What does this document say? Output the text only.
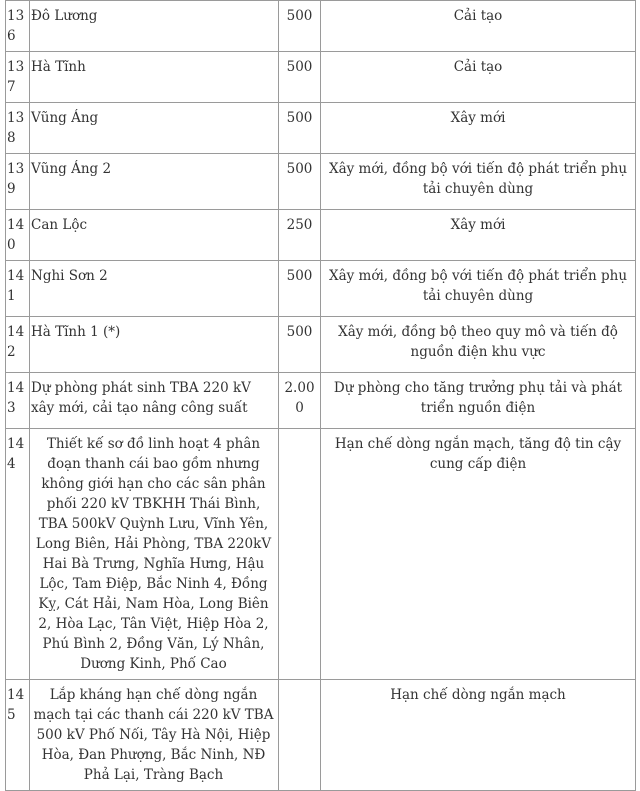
136	Đô Lương	500	Cải tạo
137	Hà Tĩnh	500	Cải tạo
138	Vũng Áng	500	Xây mới
139	Vũng Áng 2	500	Xây mới, đồng bộ với tiến độ phát triển phụ tải chuyên dùng
140	Can Lộc	250	Xây mới
141	Nghi Sơn 2	500	Xây mới, đồng bộ với tiến độ phát triển phụ tải chuyên dùng
142	Hà Tĩnh 1 (*)	500	Xây mới, đồng bộ theo quy mô và tiến độ nguồn điện khu vực
143	Dự phòng phát sinh TBA 220 kV xây mới, cải tạo nâng công suất	2.000	Dự phòng cho tăng trưởng phụ tải và phát triển nguồn điện
144	Thiết kế sơ đồ linh hoạt 4 phân đoạn thanh cái bao gồm nhưng không giới hạn cho các sân phân phối 220 kV TBKHH Thái Bình, TBA 500kV Quỳnh Lưu, Vĩnh Yên, Long Biên, Hải Phòng, TBA 220kV Hai Bà Trưng, Nghĩa Hưng, Hậu Lộc, Tam Điệp, Bắc Ninh 4, Đồng Kỵ, Cát Hải, Nam Hòa, Long Biên 2, Hòa Lạc, Tân Việt, Hiệp Hòa 2, Phú Bình 2, Đồng Văn, Lý Nhân, Dương Kinh, Phố Cao		Hạn chế dòng ngắn mạch, tăng độ tin cậy cung cấp điện
145	Lắp kháng hạn chế dòng ngắn mạch tại các thanh cái 220 kV TBA 500 kV Phố Nối, Tây Hà Nội, Hiệp Hòa, Đan Phượng, Bắc Ninh, NĐ Phả Lại, Tràng Bạch		Hạn chế dòng ngắn mạch
